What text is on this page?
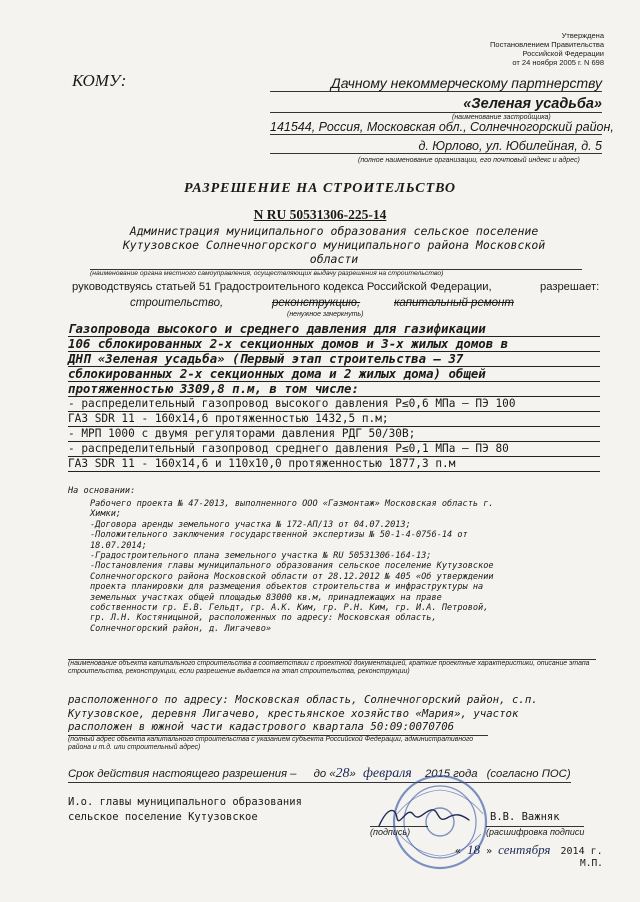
Утверждена
Постановлением Правительства
Российской Федерации
от 24 ноября 2005 г. N 698
КОМУ:	Дачному некоммерческому партнерству
«Зеленая усадьба»
(наименование застройщика)
141544, Россия, Московская обл., Солнечногорский район,
д. Юрлово, ул. Юбилейная, д. 5
(полное наименование организации, его почтовый индекс и адрес)
РАЗРЕШЕНИЕ НА СТРОИТЕЛЬСТВО
N RU 50531306-225-14
Администрация муниципального образования сельское поселение
Кутузовское Солнечногорского муниципального района Московской
области
(наименование органа местного самоуправления, осуществляющих выдачу разрешения на строительство)
руководствуясь статьей 51 Градостроительного кодекса Российской Федерации,	разрешает:
строительство,	реконструкцию,	капитальный ремонт
(ненужное зачеркнуть)
Газопровода высокого и среднего давления для газификации
106 сблокированных 2-х секционных домов и 3-х жилых домов в
ДНП «Зеленая усадьба» (Первый этап строительства – 37
сблокированных 2-х секционных дома и 2 жилых дома) общей
протяженностью 3309,8 п.м, в том числе:
- распределительный газопровод высокого давления Р≤0,6 МПа – ПЭ 100
ГАЗ SDR 11 - 160х14,6 протяженностью 1432,5 п.м;
- МРП 1000 с двумя регуляторами давления РДГ 50/30В;
- распределительный газопровод среднего давления Р≤0,1 МПа – ПЭ 80
ГАЗ SDR 11 - 160х14,6 и 110х10,0 протяженностью 1877,3 п.м
На основании:
Рабочего проекта № 47-2013, выполненного ООО «Газмонтаж» Московская область г.
Химки;
-Договора аренды земельного участка № 172-АП/13 от 04.07.2013;
-Положительного заключения государственной экспертизы № 50-1-4-0756-14 от
18.07.2014;
-Градостроительного плана земельного участка № RU 50531306-164-13;
-Постановления главы муниципального образования сельское поселение Кутузовское
Солнечногорского района Московской области от 28.12.2012 № 405 «Об утверждении
проекта планировки для размещения объектов строительства и инфраструктуры на
земельных участках общей площадью 83000 кв.м, принадлежащих на праве
собственности гр. Е.В. Гельдт, гр. А.К. Ким, гр. Р.Н. Ким, гр. И.А. Петровой,
гр. Л.Н. Костяницыной, расположенных по адресу: Московская область,
Солнечногорский район, д. Лигачево»
(наименование объекта капитального строительства в соответствии с проектной документацией, краткие проектные характеристики, описание этапа строительства, реконструкции, если разрешение выдается на этап строительства, реконструкции)
расположенного по адресу: Московская область, Солнечногорский район, с.п.
Кутузовское, деревня Лигачево, крестьянское хозяйство «Мария», участок
расположен в южной части кадастрового квартала 50:09:0070706
(полный адрес объекта капитального строительства с указанием субъекта Российской Федерации, административного района и т.д. или строительный адрес)
Срок действия настоящего разрешения – до «28» февраля 2015 года (согласно ПОС)
И.о. главы муниципального образования
сельское поселение Кутузовское	В.В. Важняк
(подпись)	(расшифровка подписи
« 18 » сентября 2014 г.
М.П.
